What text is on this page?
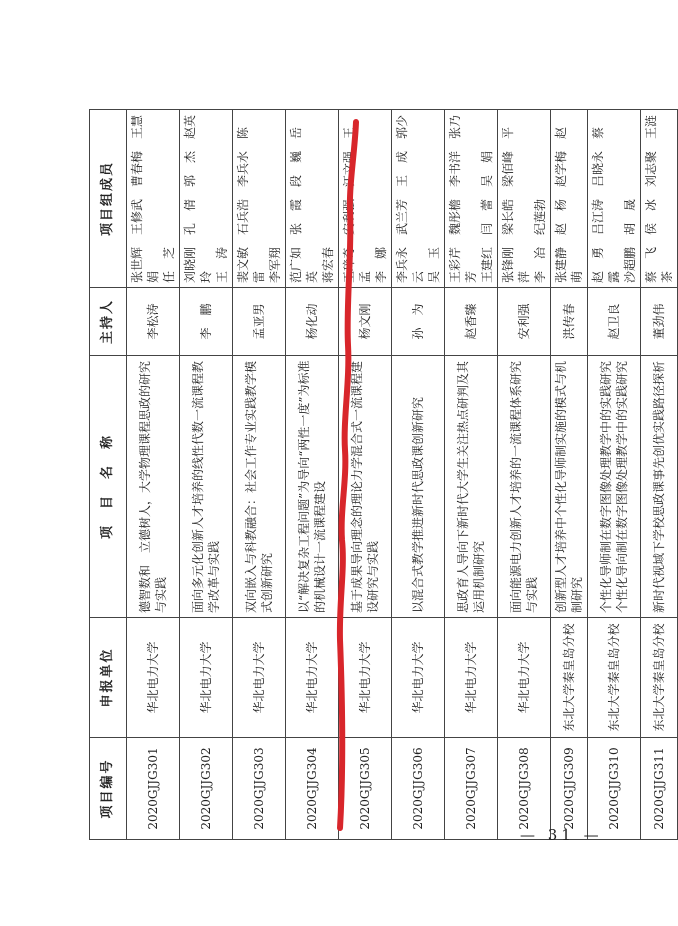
项目编号	申报单位	项　目　名　称	主持人	项目组成员
2020GJJG301	华北电力大学	德智数和　立德树人，大学物理课程思政的研究与实践	李松涛	张世辉　王修武　曹春梅　王慧娟
任　芝
2020GJJG302	华北电力大学	面向多元化创新人才培养的线性代数一流课程教学改革与实践	李　鹏	刘晓刚　孔　倩　郭　杰　赵英玲
王　涛
2020GJJG303	华北电力大学	双向嵌入与科教融合：社会工作专业实践教学模式创新研究	孟亚男	裴文敏　石兵浩　李兵水　陈　雷
李军翔
2020GJJG304	华北电力大学	以“解决复杂工程问题”为导向“两性一度”为标准的机械设计一流课程建设	杨化动	范广如　张　霞　段　巍　岳　英
蒋宏春
2020GJJG305	华北电力大学	基于成果导向理念的理论力学混合式一流课程建设研究与实践	杨文刚	王璋奇　安利强　江文强　王　孟
李　娜
2020GJJG306	华北电力大学	以混合式教学推进新时代思政课创新研究	孙　为	李兵永　武兰芳　王　成　郭少云
吴　玉
2020GJJG307	华北电力大学	思政育人导向下新时代大学生关注热点研判及其运用机制研究	赵香臻	王彩芹　魏彤檐　李书洋　张乃芳
王建红　闫　蕾　吴　娟
2020GJJG308	华北电力大学	面向能源电力创新人才培养的一流课程体系研究与实践	安利强	张锋刚　梁长皓　梁佰峰　平　萍
李　冶　纪莲勃
2020GJJG309	东北大学秦皇岛分校	创新型人才培养中个性化导师制实施的模式与机制研究	洪传春	张建静　赵　杨　赵学梅　赵　萌
2020GJJG310	东北大学秦皇岛分校	个性化导师制在数字图像处理教学中的实践研究个性化导向制在数字图像处理教学中的实践研究	赵卫良	赵　勇　吕江涛　吕晓永　蔡　露
沙超鹏　胡　晟
2020GJJG311	东北大学秦皇岛分校	新时代视域下学校思政课事先创优实践路径探析	董劲伟	蔡　飞　侯　冰　刘志聚　王涟茶
— 31 —
